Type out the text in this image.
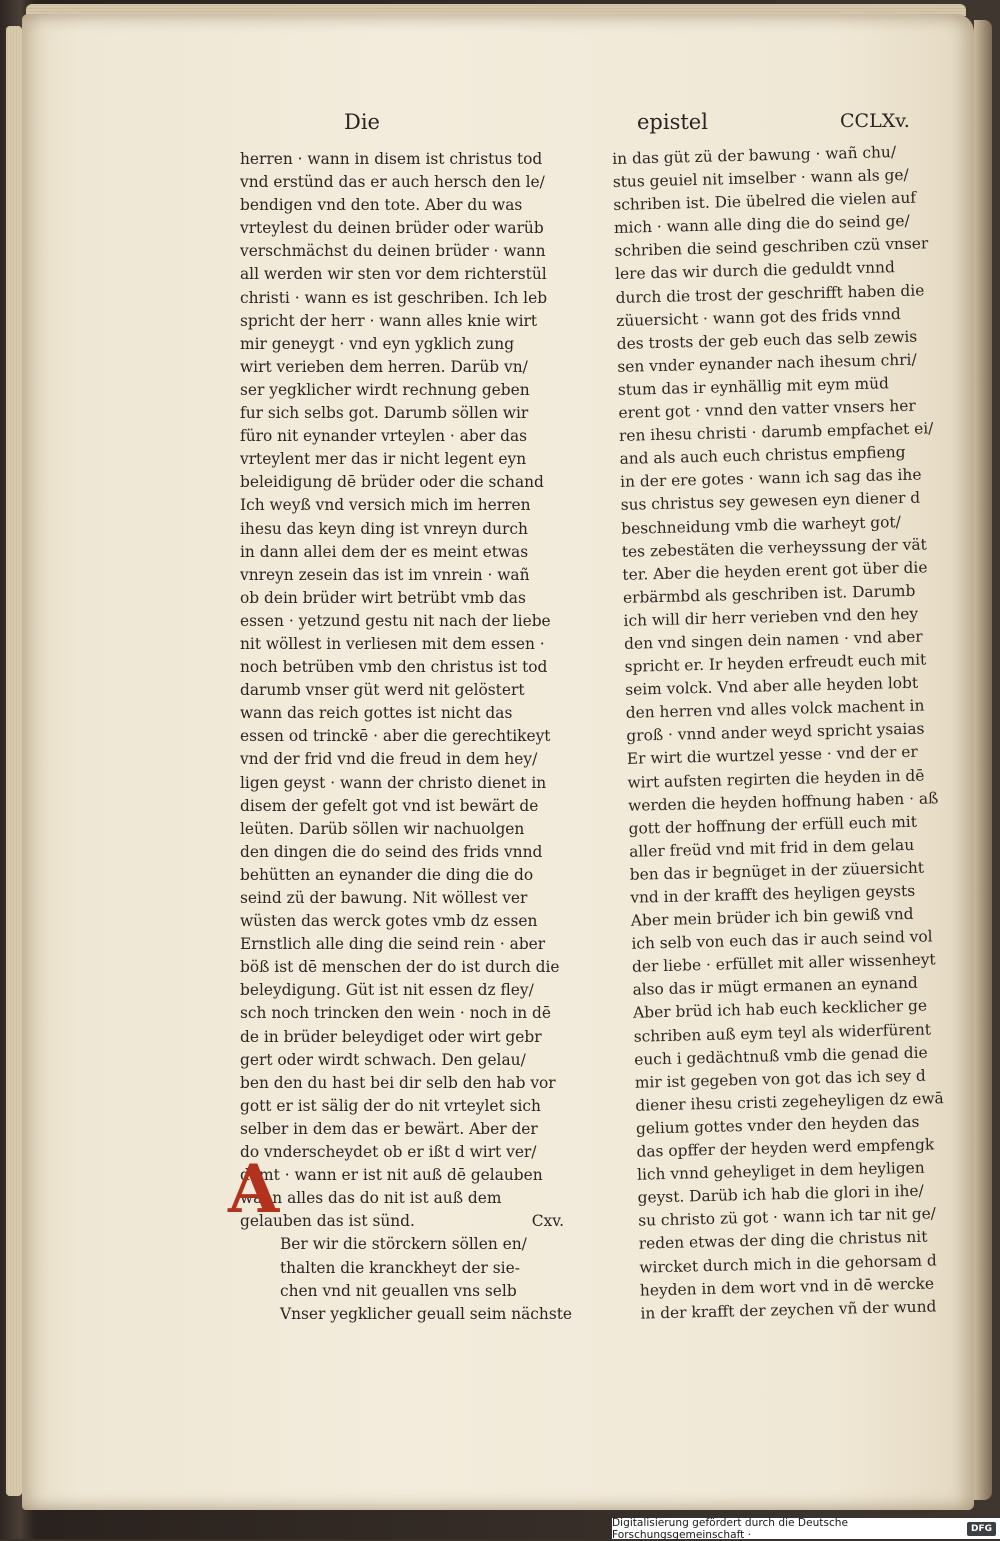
Die	epistel	CCLXv.
herren · wann in disem ist christus tod
vnd erstünd das er auch hersch den le/
bendigen vnd den tote. Aber du was
vrteylest du deinen brüder oder warüb
verschmächst du deinen brüder · wann
all werden wir sten vor dem richterstül
christi · wann es ist geschriben. Ich leb
spricht der herr · wann alles knie wirt
mir geneygt · vnd eyn ygklich zung
wirt verieben dem herren. Darüb vn/
ser yegklicher wirdt rechnung geben
fur sich selbs got. Darumb söllen wir
füro nit eynander vrteylen · aber das
vrteylent mer das ir nicht legent eyn
beleidigung dē brüder oder die schand
Ich weyß vnd versich mich im herren
ihesu das keyn ding ist vnreyn durch
in dann allei dem der es meint etwas
vnreyn zesein das ist im vnrein · wañ
ob dein brüder wirt betrübt vmb das
essen · yetzund gestu nit nach der liebe
nit wöllest in verliesen mit dem essen ·
noch betrüben vmb den christus ist tod
darumb vnser güt werd nit gelöstert
wann das reich gottes ist nicht das
essen od trinckē · aber die gerechtikeyt
vnd der frid vnd die freud in dem hey/
ligen geyst · wann der christo dienet in
disem der gefelt got vnd ist bewärt de
leüten. Darüb söllen wir nachuolgen
den dingen die do seind des frids vnnd
behütten an eynander die ding die do
seind zü der bawung. Nit wöllest ver
wüsten das werck gotes vmb dz essen
Ernstlich alle ding die seind rein · aber
böß ist dē menschen der do ist durch die
beleydigung. Güt ist nit essen dz fley/
sch noch trincken den wein · noch in dē
de in brüder beleydiget oder wirt gebr
gert oder wirdt schwach. Den gelau/
ben den du hast bei dir selb den hab vor
gott er ist sälig der do nit vrteylet sich
selber in dem das er bewärt. Aber der
do vnderscheydet ob er ißt d wirt ver/
damt · wann er ist nit auß dē gelauben
wann alles das do nit ist auß dem
gelauben das ist sünd.	Cxv.
Ber wir die störckern söllen en/
thalten die kranckheyt der sie-
chen vnd nit geuallen vns selb
Vnser yegklicher geuall seim nächste
A
in das güt zü der bawung · wañ chu/
stus geuiel nit imselber · wann als ge/
schriben ist. Die übelred die vielen auf
mich · wann alle ding die do seind ge/
schriben die seind geschriben czü vnser
lere das wir durch die geduldt vnnd
durch die trost der geschrifft haben die
züuersicht · wann got des frids vnnd
des trosts der geb euch das selb zewis
sen vnder eynander nach ihesum chri/
stum das ir eynhällig mit eym müd
erent got · vnnd den vatter vnsers her
ren ihesu christi · darumb empfachet ei/
and als auch euch christus empfieng
in der ere gotes · wann ich sag das ihe
sus christus sey gewesen eyn diener d
beschneidung vmb die warheyt got/
tes zebestäten die verheyssung der vät
ter. Aber die heyden erent got über die
erbärmbd als geschriben ist. Darumb
ich will dir herr verieben vnd den hey
den vnd singen dein namen · vnd aber
spricht er. Ir heyden erfreudt euch mit
seim volck. Vnd aber alle heyden lobt
den herren vnd alles volck machent in
groß · vnnd ander weyd spricht ysaias
Er wirt die wurtzel yesse · vnd der er
wirt aufsten regirten die heyden in dē
werden die heyden hoffnung haben · aß
gott der hoffnung der erfüll euch mit
aller freüd vnd mit frid in dem gelau
ben das ir begnüget in der züuersicht
vnd in der krafft des heyligen geysts
Aber mein brüder ich bin gewiß vnd
ich selb von euch das ir auch seind vol
der liebe · erfüllet mit aller wissenheyt
also das ir mügt ermanen an eynand
Aber brüd ich hab euch kecklicher ge
schriben auß eym teyl als widerfürent
euch i gedächtnuß vmb die genad die
mir ist gegeben von got das ich sey d
diener ihesu cristi zegeheyligen dz ewā
gelium gottes vnder den heyden das
das opffer der heyden werd empfengk
lich vnnd geheyliget in dem heyligen
geyst. Darüb ich hab die glori in ihe/
su christo zü got · wann ich tar nit ge/
reden etwas der ding die christus nit
wircket durch mich in die gehorsam d
heyden in dem wort vnd in dē wercke
in der krafft der zeychen vñ der wund
Digitalisierung gefördert durch die Deutsche Forschungsgemeinschaft ·	DFG
